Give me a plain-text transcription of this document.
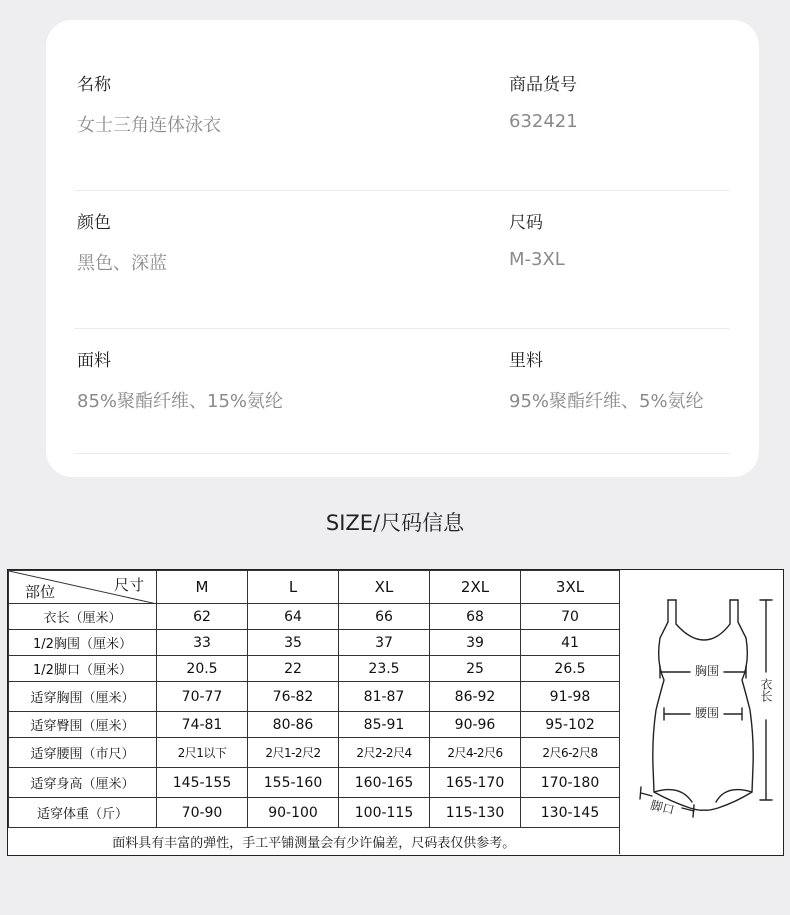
名称
女士三角连体泳衣
商品货号
632421
颜色
黑色、深蓝
尺码
M-3XL
面料
85%聚酯纤维、15%氨纶
里料
95%聚酯纤维、5%氨纶
SIZE/尺码信息
尺寸
部位	M	L	XL	2XL	3XL
衣长（厘米）	62	64	66	68	70
1/2胸围（厘米）	33	35	37	39	41
1/2脚口（厘米）	20.5	22	23.5	25	26.5
适穿胸围（厘米）	70-77	76-82	81-87	86-92	91-98
适穿臀围（厘米）	74-81	80-86	85-91	90-96	95-102
适穿腰围（市尺）	2尺1以下	2尺1-2尺2	2尺2-2尺4	2尺4-2尺6	2尺6-2尺8
适穿身高（厘米）	145-155	155-160	160-165	165-170	170-180
适穿体重（斤）	70-90	90-100	100-115	115-130	130-145
面料具有丰富的弹性，手工平铺测量会有少许偏差，尺码表仅供参考。					
胸围
腰围
衣长
脚口
